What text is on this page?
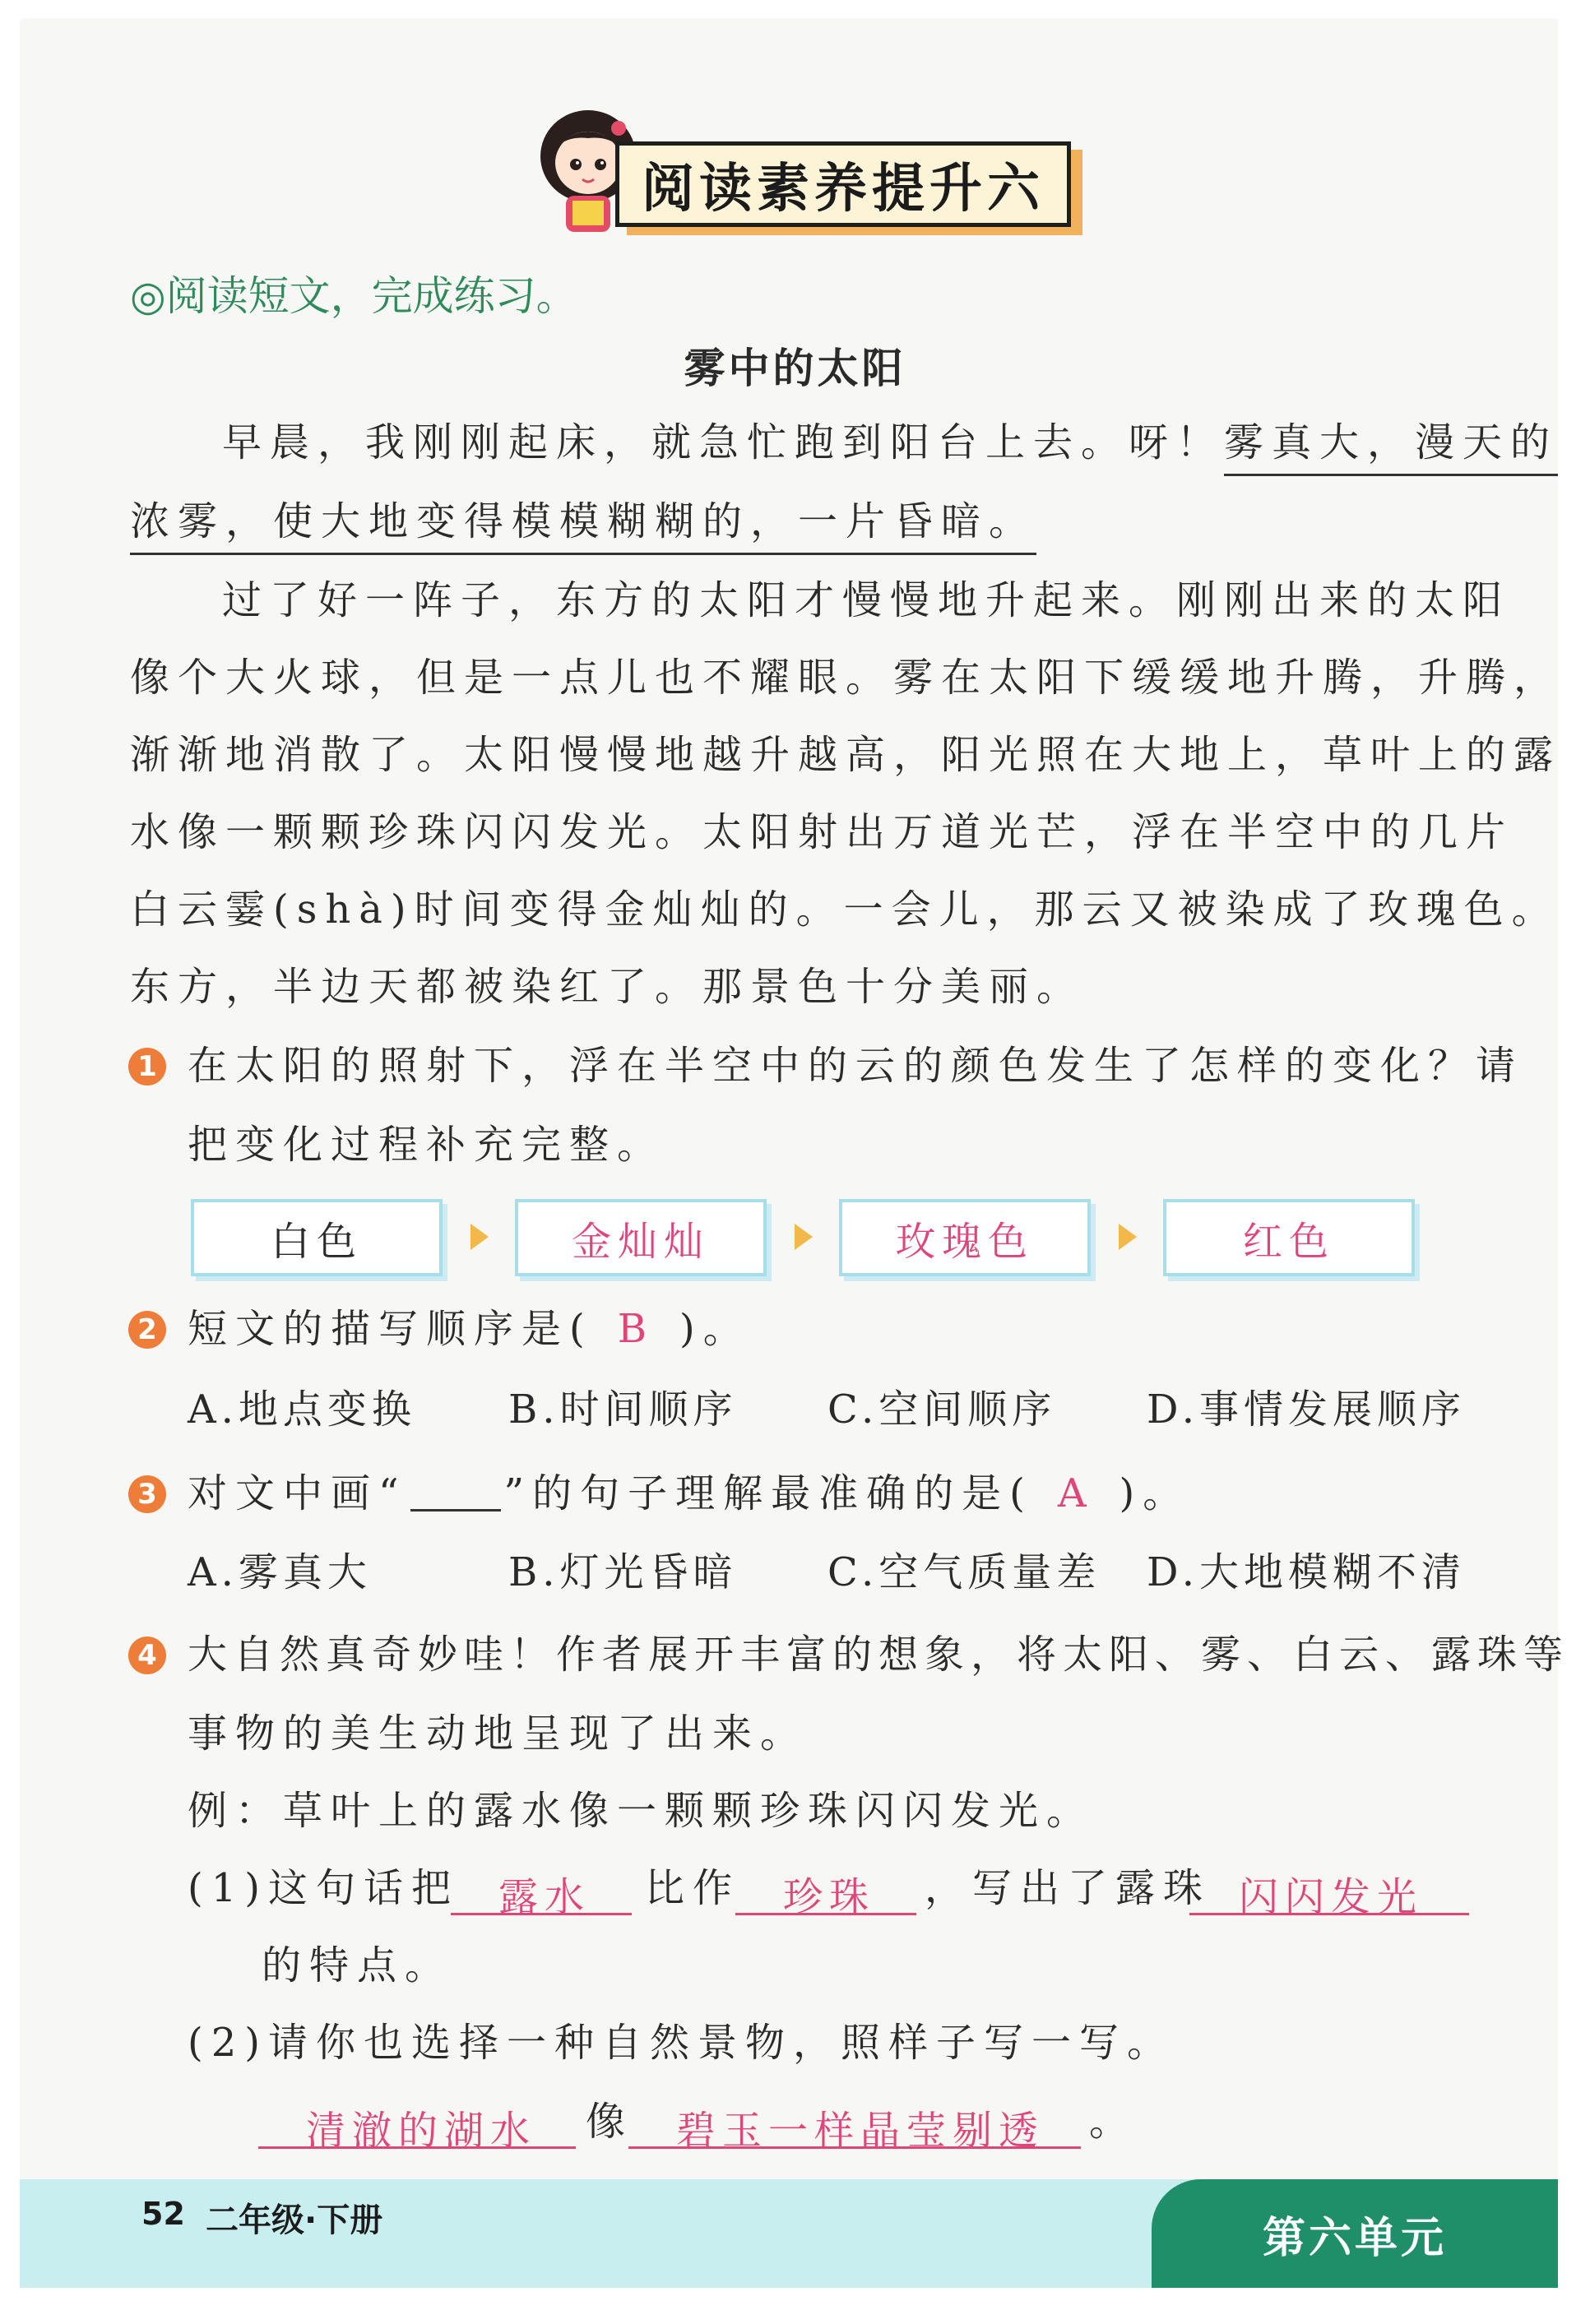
阅读素养提升六
◎阅读短文，完成练习。
雾中的太阳
早晨，我刚刚起床，就急忙跑到阳台上去。呀！雾真大，漫天的
浓雾，使大地变得模模糊糊的，一片昏暗。
过了好一阵子，东方的太阳才慢慢地升起来。刚刚出来的太阳
像个大火球，但是一点儿也不耀眼。雾在太阳下缓缓地升腾，升腾，
渐渐地消散了。太阳慢慢地越升越高，阳光照在大地上，草叶上的露
水像一颗颗珍珠闪闪发光。太阳射出万道光芒，浮在半空中的几片
白云霎(shà)时间变得金灿灿的。一会儿，那云又被染成了玫瑰色。
东方，半边天都被染红了。那景色十分美丽。
1 在太阳的照射下，浮在半空中的云的颜色发生了怎样的变化？请
把变化过程补充完整。
白色	金灿灿	玫瑰色	红色
2 短文的描写顺序是( B )。
A.地点变换 B.时间顺序 C.空间顺序 D.事情发展顺序
3 对文中画“ ”的句子理解最准确的是( A )。
A.雾真大	B.灯光昏暗 C.空气质量差 D.大地模糊不清
4 大自然真奇妙哇！作者展开丰富的想象，将太阳、雾、白云、露珠等
事物的美生动地呈现了出来。
例：草叶上的露水像一颗颗珍珠闪闪发光。
(1)这句话把 露水 比作 珍珠 ，写出了露珠 闪闪发光
的特点。
(2)请你也选择一种自然景物，照样子写一写。
清澈的湖水 像 碧玉一样晶莹剔透 。
52 二年级·下册	第六单元
